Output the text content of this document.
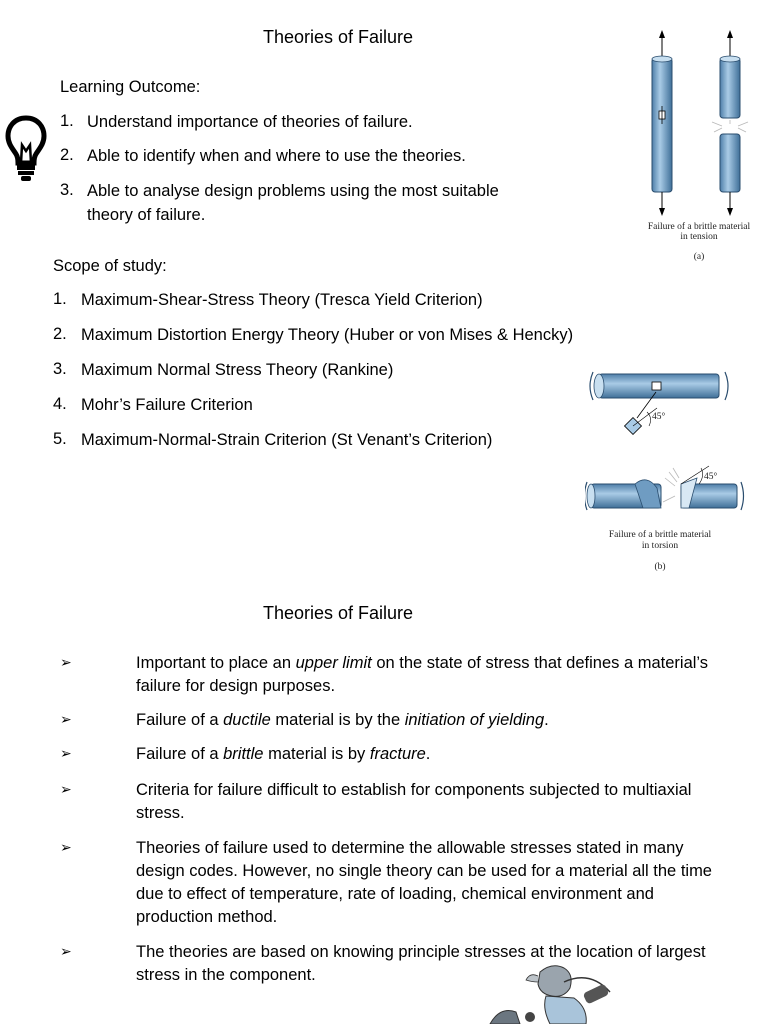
Theories of Failure
Learning Outcome:
1. Understand importance of theories of failure.
2. Able to identify when and where to use the theories.
3. Able to analyse design problems using the most suitable
theory of failure.
Scope of study:
1. Maximum-Shear-Stress Theory (Tresca Yield Criterion)
2. Maximum Distortion Energy Theory (Huber or von Mises & Hencky)
3. Maximum Normal Stress Theory (Rankine)
4. Mohr’s Failure Criterion
5. Maximum-Normal-Strain Criterion (St Venant’s Criterion)
Failure of a brittle material
in tension
(a)
45°
45°
Failure of a brittle material
in torsion
(b)
Theories of Failure
➢	Important to place an upper limit on the state of stress that defines a material’s failure for design purposes.
➢	Failure of a ductile material is by the initiation of yielding.
➢	Failure of a brittle material is by fracture.
➢	Criteria for failure difficult to establish for components subjected to multiaxial stress.
➢	Theories of failure used to determine the allowable stresses stated in many design codes. However, no single theory can be used for a material all the time due to effect of temperature, rate of loading, chemical environment and production method.
➢	The theories are based on knowing principle stresses at the location of largest stress in the component.
